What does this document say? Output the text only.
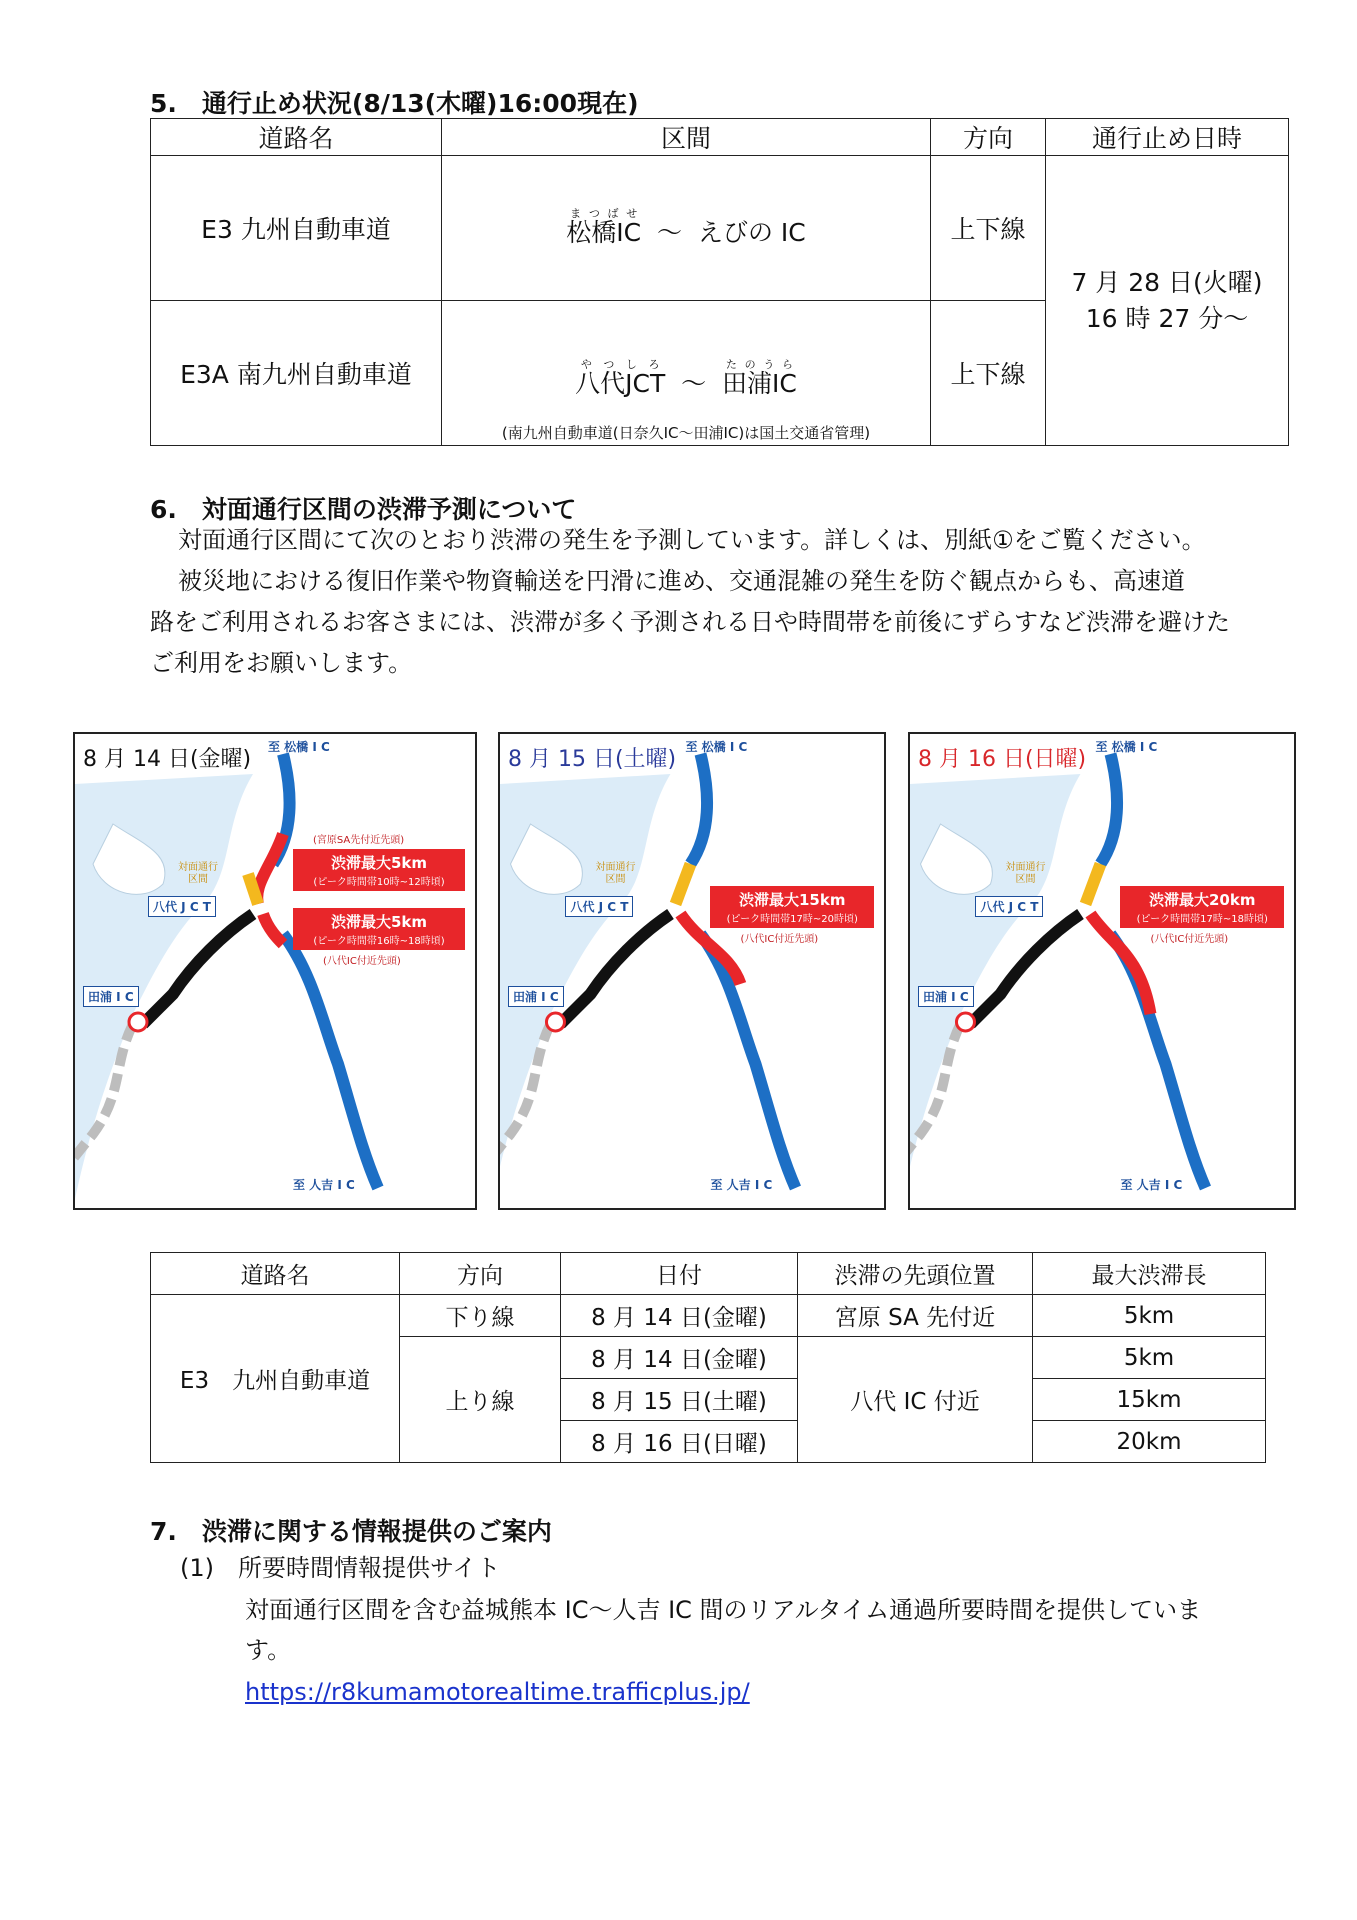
5.　通行止め状況(8/13(木曜)16:00現在)
道路名	区間	方向	通行止め日時
E3 九州自動車道	松橋ICまつばせ  ～ えびの IC	上下線	7 月 28 日(火曜)
16 時 27 分～
E3A 南九州自動車道	八代JCTやつしろ  ～ 田浦ICたのうら
(南九州自動車道(日奈久IC～田浦IC)は国土交通省管理)	上下線	
6.　対面通行区間の渋滞予測について
対面通行区間にて次のとおり渋滞の発生を予測しています。詳しくは、別紙①をご覧ください。
被災地における復旧作業や物資輸送を円滑に進め、交通混雑の発生を防ぐ観点からも、高速道
路をご利用されるお客さまには、渋滞が多く予測される日や時間帯を前後にずらすなど渋滞を避けた
ご利用をお願いします。
8 月 14 日(金曜) 至 松橋 I C
至 人吉 I C
八代 J C T
田浦 I C
対面通行
区間
(宮原SA先付近先頭)
渋滞最大5km
(ピーク時間帯10時~12時頃)
渋滞最大5km
(ピーク時間帯16時~18時頃)
(八代IC付近先頭)
8 月 15 日(土曜) 至 松橋 I C
至 人吉 I C
八代 J C T
田浦 I C
対面通行
区間
渋滞最大15km
(ピーク時間帯17時~20時頃)
(八代IC付近先頭)
8 月 16 日(日曜) 至 松橋 I C
至 人吉 I C
八代 J C T
田浦 I C
対面通行
区間
渋滞最大20km
(ピーク時間帯17時~18時頃)
(八代IC付近先頭)
道路名	方向	日付	渋滞の先頭位置	最大渋滞長
E3　九州自動車道	下り線	8 月 14 日(金曜)	宮原 SA 先付近	5km
	上り線	8 月 14 日(金曜)	八代 IC 付近	5km
		8 月 15 日(土曜)		15km
		8 月 16 日(日曜)		20km
7.　渋滞に関する情報提供のご案内
(1)　所要時間情報提供サイト
対面通行区間を含む益城熊本 IC～人吉 IC 間のリアルタイム通過所要時間を提供していま
す。
https://r8kumamotorealtime.trafficplus.jp/
